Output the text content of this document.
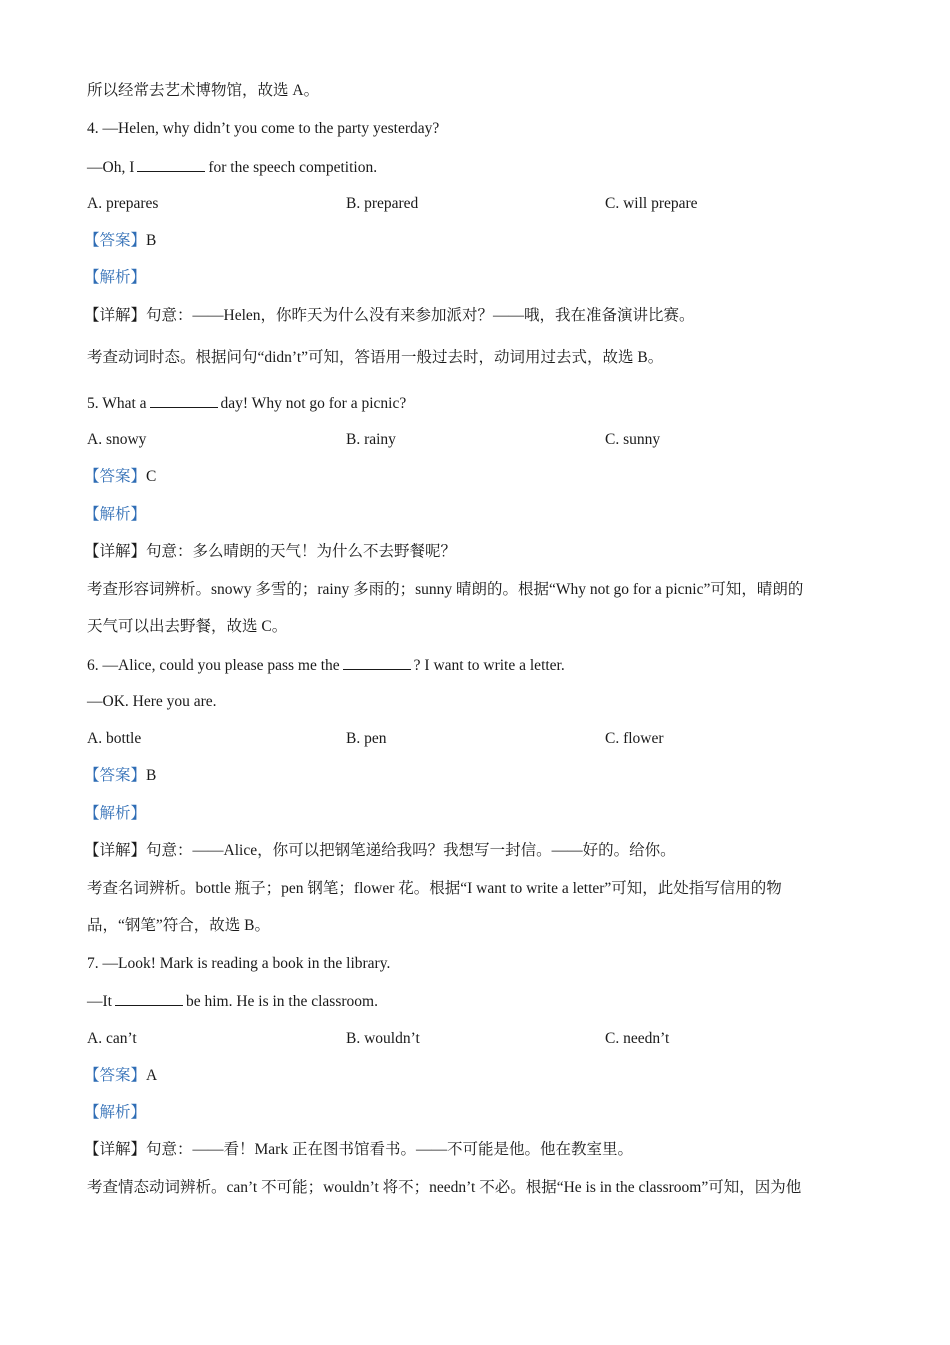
所以经常去艺术博物馆，故选 A。
4. —Helen, why didn’t you come to the party yesterday?
—Oh, I	for the speech competition.
A. prepares	B. prepared	C. will prepare
【答案】B
【解析】
【详解】句意：——Helen，你昨天为什么没有来参加派对？——哦，我在准备演讲比赛。
考查动词时态。根据问句“didn’t”可知，答语用一般过去时，动词用过去式，故选 B。
5. What a	day! Why not go for a picnic?
A. snowy	B. rainy	C. sunny
【答案】C
【解析】
【详解】句意：多么晴朗的天气！为什么不去野餐呢？
考查形容词辨析。snowy 多雪的；rainy 多雨的；sunny 晴朗的。根据“Why not go for a picnic”可知，晴朗的
天气可以出去野餐，故选 C。
6. —Alice, could you please pass me the	? I want to write a letter.
—OK. Here you are.
A. bottle	B. pen	C. flower
【答案】B
【解析】
【详解】句意：——Alice，你可以把钢笔递给我吗？我想写一封信。——好的。给你。
考查名词辨析。bottle 瓶子；pen 钢笔；flower 花。根据“I want to write a letter”可知，此处指写信用的物
品，“钢笔”符合，故选 B。
7. —Look! Mark is reading a book in the library.
—It	be him. He is in the classroom.
A. can’t	B. wouldn’t	C. needn’t
【答案】A
【解析】
【详解】句意：——看！Mark 正在图书馆看书。——不可能是他。他在教室里。
考查情态动词辨析。can’t 不可能；wouldn’t 将不；needn’t 不必。根据“He is in the classroom”可知，因为他
